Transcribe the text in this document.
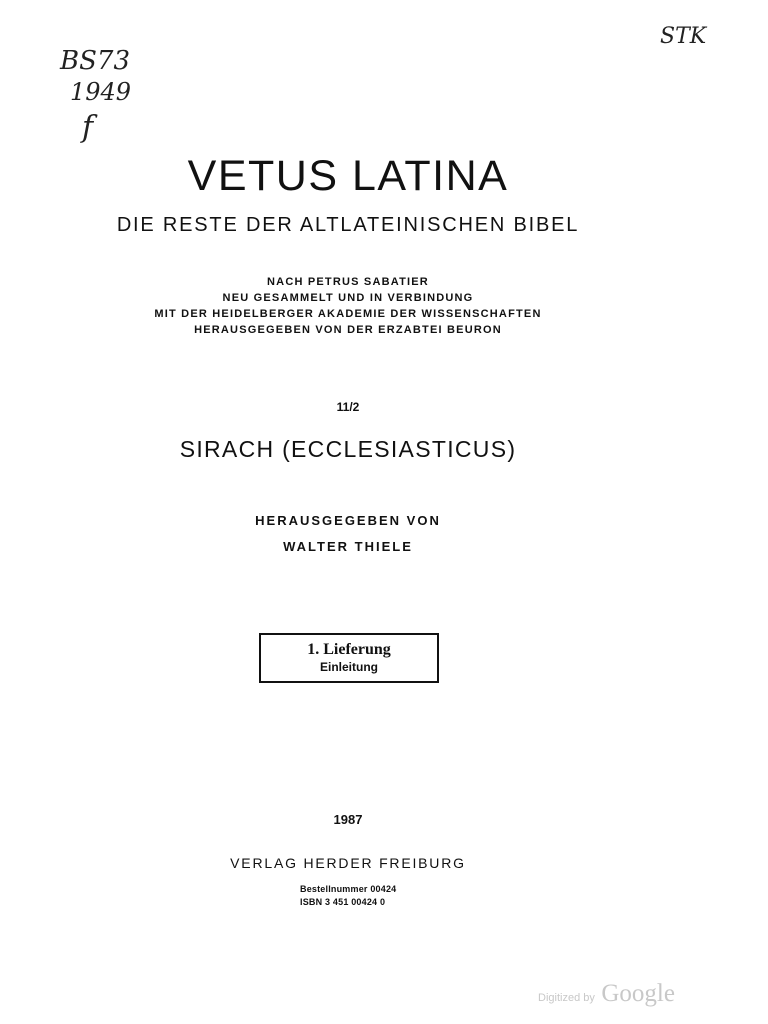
STK
BS73
1949
f
VETUS LATINA
DIE RESTE DER ALTLATEINISCHEN BIBEL
NACH PETRUS SABATIER
NEU GESAMMELT UND IN VERBINDUNG
MIT DER HEIDELBERGER AKADEMIE DER WISSENSCHAFTEN
HERAUSGEGEBEN VON DER ERZABTEI BEURON
11/2
SIRACH (ECCLESIASTICUS)
HERAUSGEGEBEN VON
WALTER THIELE
1. Lieferung
Einleitung
1987
VERLAG HERDER FREIBURG
Bestellnummer 00424
ISBN 3 451 00424 0
Digitized by Google
